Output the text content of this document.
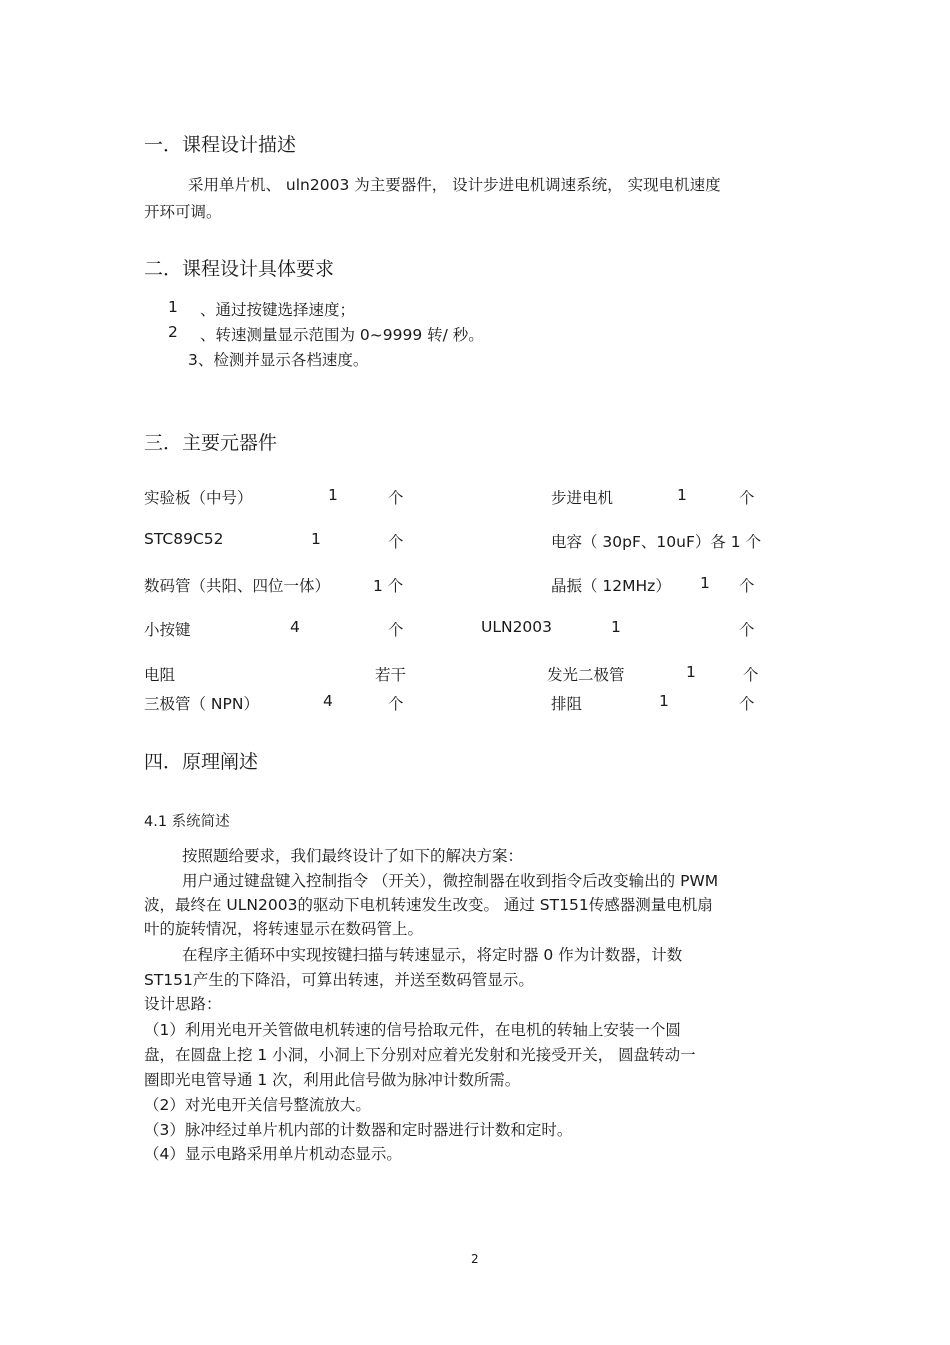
一．课程设计描述
采用单片机、 uln2003 为主要器件， 设计步进电机调速系统， 实现电机速度
开环可调。
二．课程设计具体要求
1 、通过按键选择速度；
2 、转速测量显示范围为 0~9999 转/ 秒。
3、检测并显示各档速度。
三．主要元器件
实验板（中号）	1	个	步进电机	1	个
STC89C52	1	个	电容（ 30pF、10uF）各 1 个
数码管（共阳、四位一体）	1 个	晶振（ 12MHz） 1 个
小按键	4	个	ULN2003	1	个
电阻	若干	发光二极管	1	个
三极管（ NPN）	4	个	排阻	1	个
四．原理阐述
4.1 系统简述
按照题给要求，我们最终设计了如下的解决方案：
用户通过键盘键入控制指令 （开关），微控制器在收到指令后改变输出的 PWM
波，最终在 ULN2003的驱动下电机转速发生改变。 通过 ST151传感器测量电机扇
叶的旋转情况，将转速显示在数码管上。
在程序主循环中实现按键扫描与转速显示，将定时器 0 作为计数器，计数
ST151产生的下降沿，可算出转速，并送至数码管显示。
设计思路：
（1）利用光电开关管做电机转速的信号拾取元件，在电机的转轴上安装一个圆
盘，在圆盘上挖 1 小洞，小洞上下分别对应着光发射和光接受开关， 圆盘转动一
圈即光电管导通 1 次，利用此信号做为脉冲计数所需。
（2）对光电开关信号整流放大。
（3）脉冲经过单片机内部的计数器和定时器进行计数和定时。
（4）显示电路采用单片机动态显示。
2
